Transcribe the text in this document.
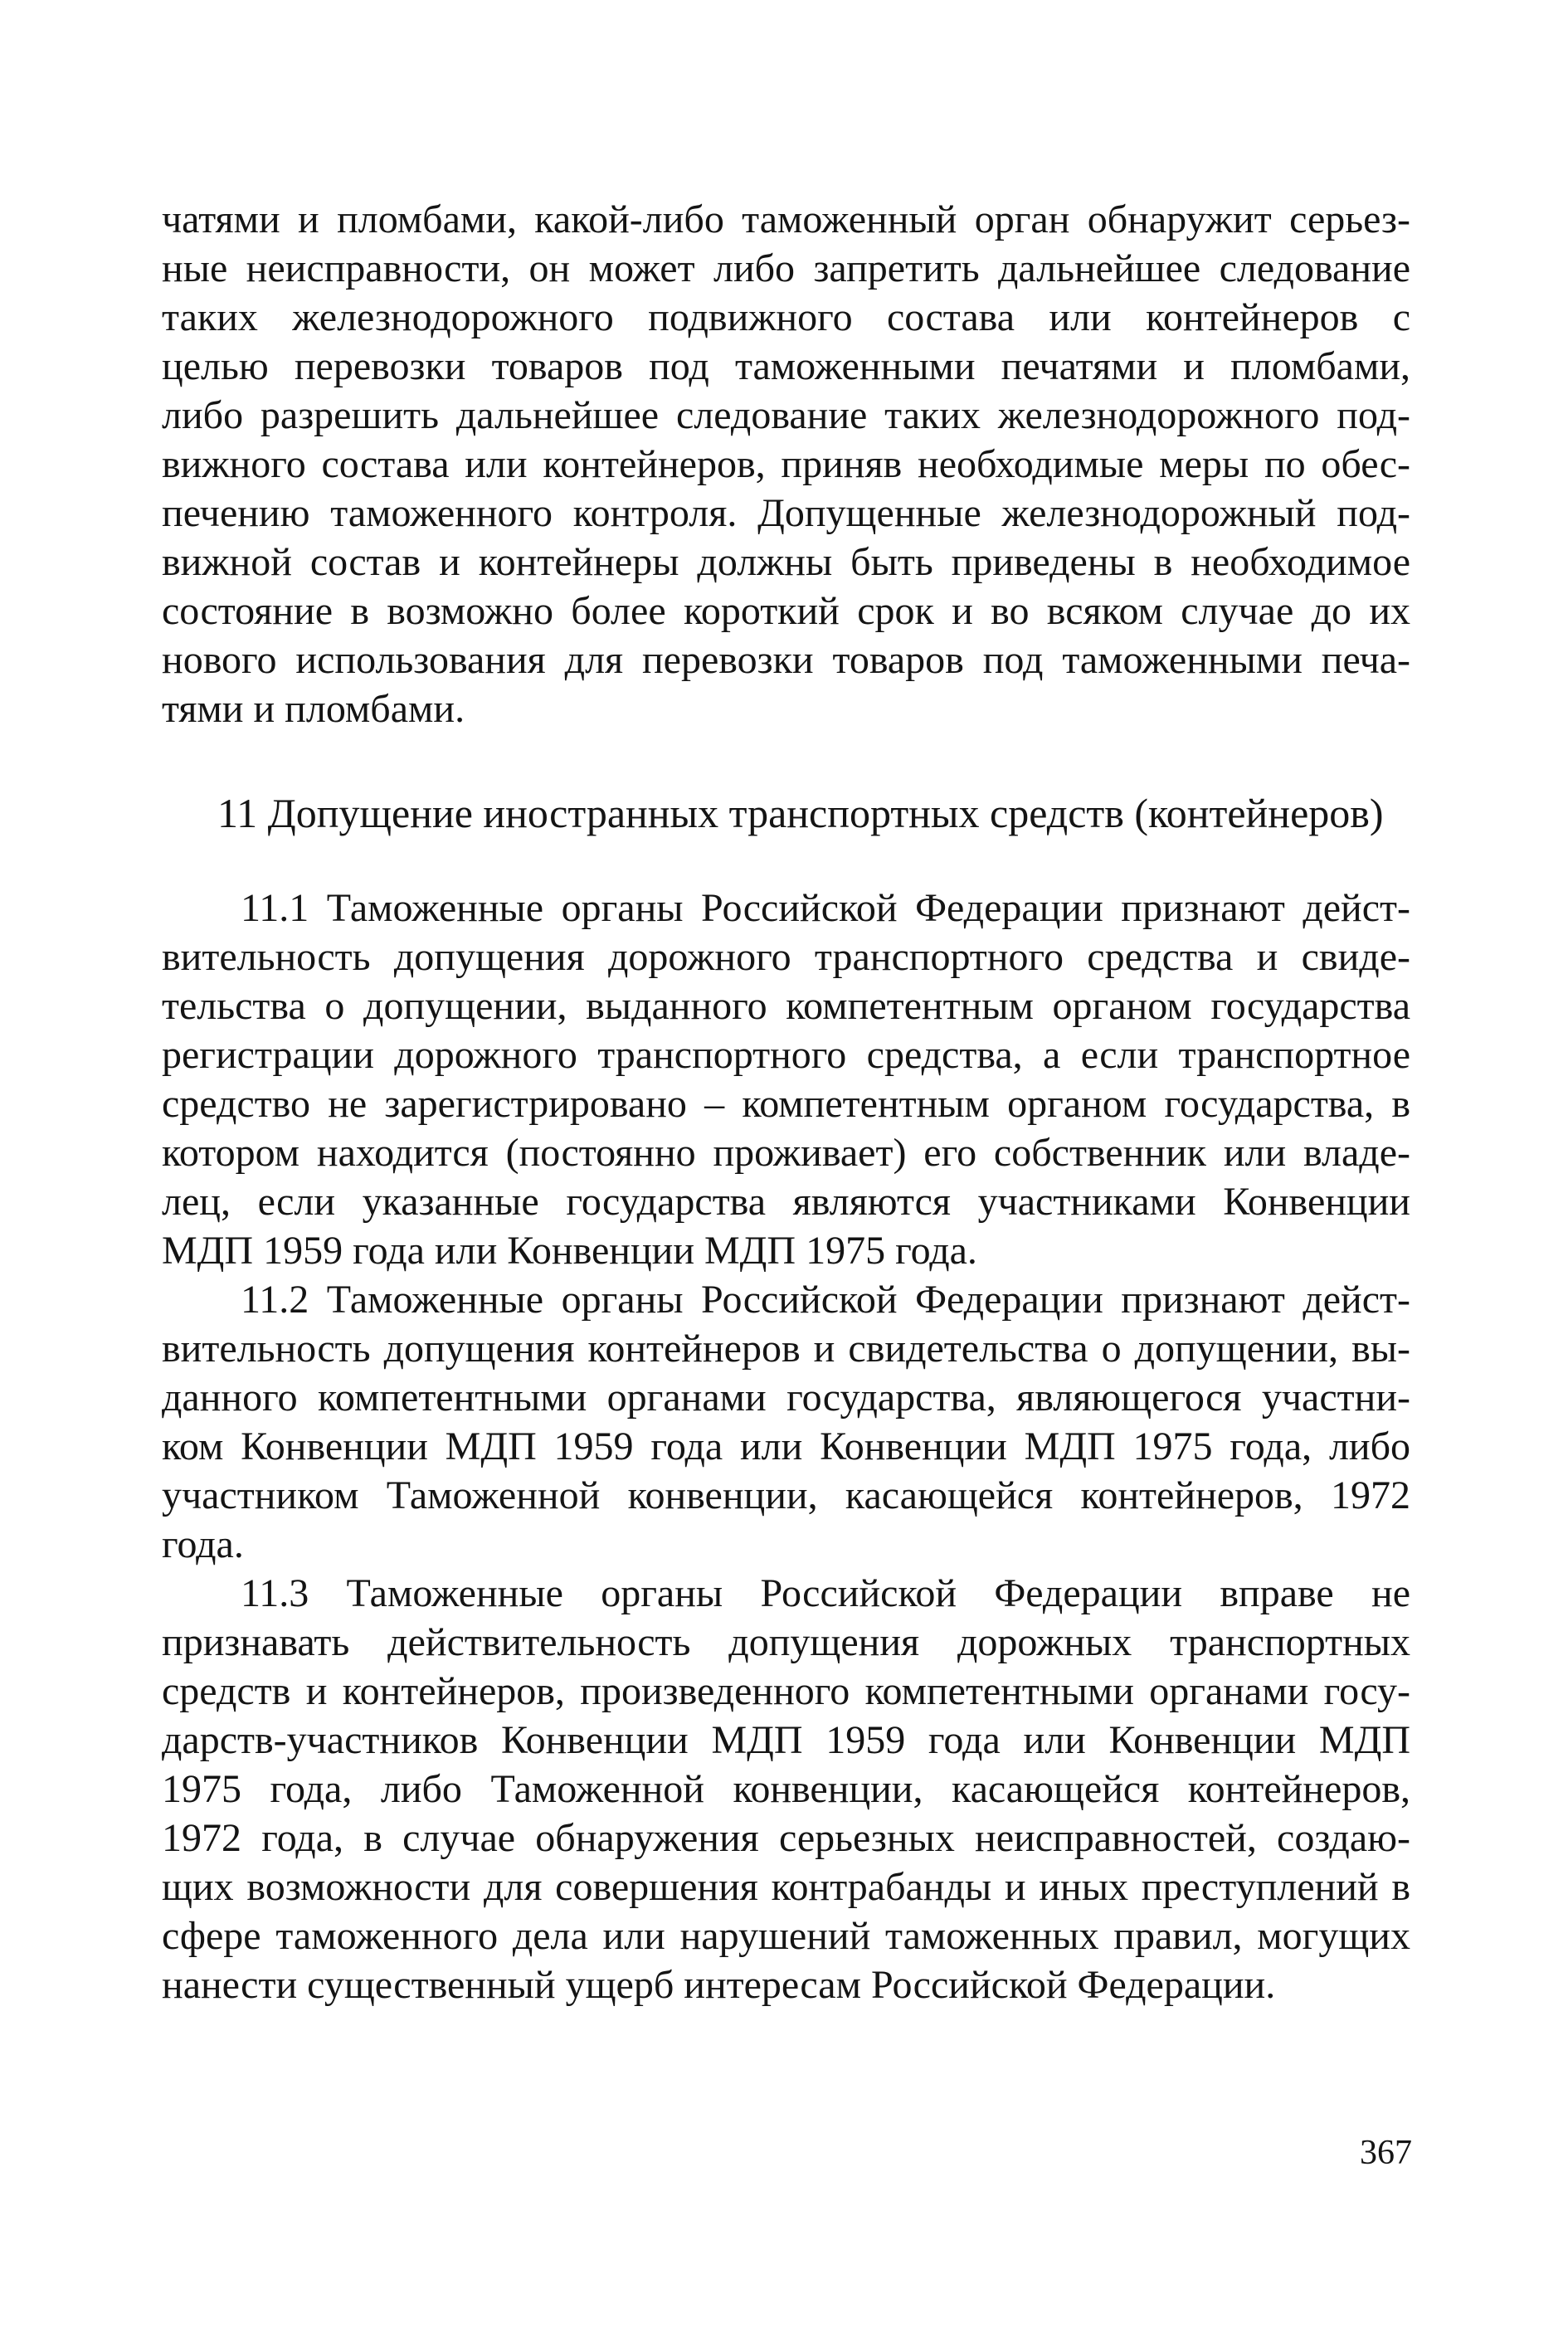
чатями и пломбами, какой-либо таможенный орган обнаружит серьез-
ные неисправности, он может либо запретить дальнейшее следование
таких железнодорожного подвижного состава или контейнеров с
целью перевозки товаров под таможенными печатями и пломбами,
либо разрешить дальнейшее следование таких железнодорожного под-
вижного состава или контейнеров, приняв необходимые меры по обес-
печению таможенного контроля. Допущенные железнодорожный под-
вижной состав и контейнеры должны быть приведены в необходимое
состояние в возможно более короткий срок и во всяком случае до их
нового использования для перевозки товаров под таможенными печа-
тями и пломбами.
11 Допущение иностранных транспортных средств (контейнеров)
11.1 Таможенные органы Российской Федерации признают дейст-
вительность допущения дорожного транспортного средства и свиде-
тельства о допущении, выданного компетентным органом государства
регистрации дорожного транспортного средства, а если транспортное
средство не зарегистрировано – компетентным органом государства, в
котором находится (постоянно проживает) его собственник или владе-
лец, если указанные государства являются участниками Конвенции
МДП 1959 года или Конвенции МДП 1975 года.
11.2 Таможенные органы Российской Федерации признают дейст-
вительность допущения контейнеров и свидетельства о допущении, вы-
данного компетентными органами государства, являющегося участни-
ком Конвенции МДП 1959 года или Конвенции МДП 1975 года, либо
участником Таможенной конвенции, касающейся контейнеров, 1972
года.
11.3 Таможенные органы Российской Федерации вправе не
признавать действительность допущения дорожных транспортных
средств и контейнеров, произведенного компетентными органами госу-
дарств-участников Конвенции МДП 1959 года или Конвенции МДП
1975 года, либо Таможенной конвенции, касающейся контейнеров,
1972 года, в случае обнаружения серьезных неисправностей, создаю-
щих возможности для совершения контрабанды и иных преступлений в
сфере таможенного дела или нарушений таможенных правил, могущих
нанести существенный ущерб интересам Российской Федерации.
367
